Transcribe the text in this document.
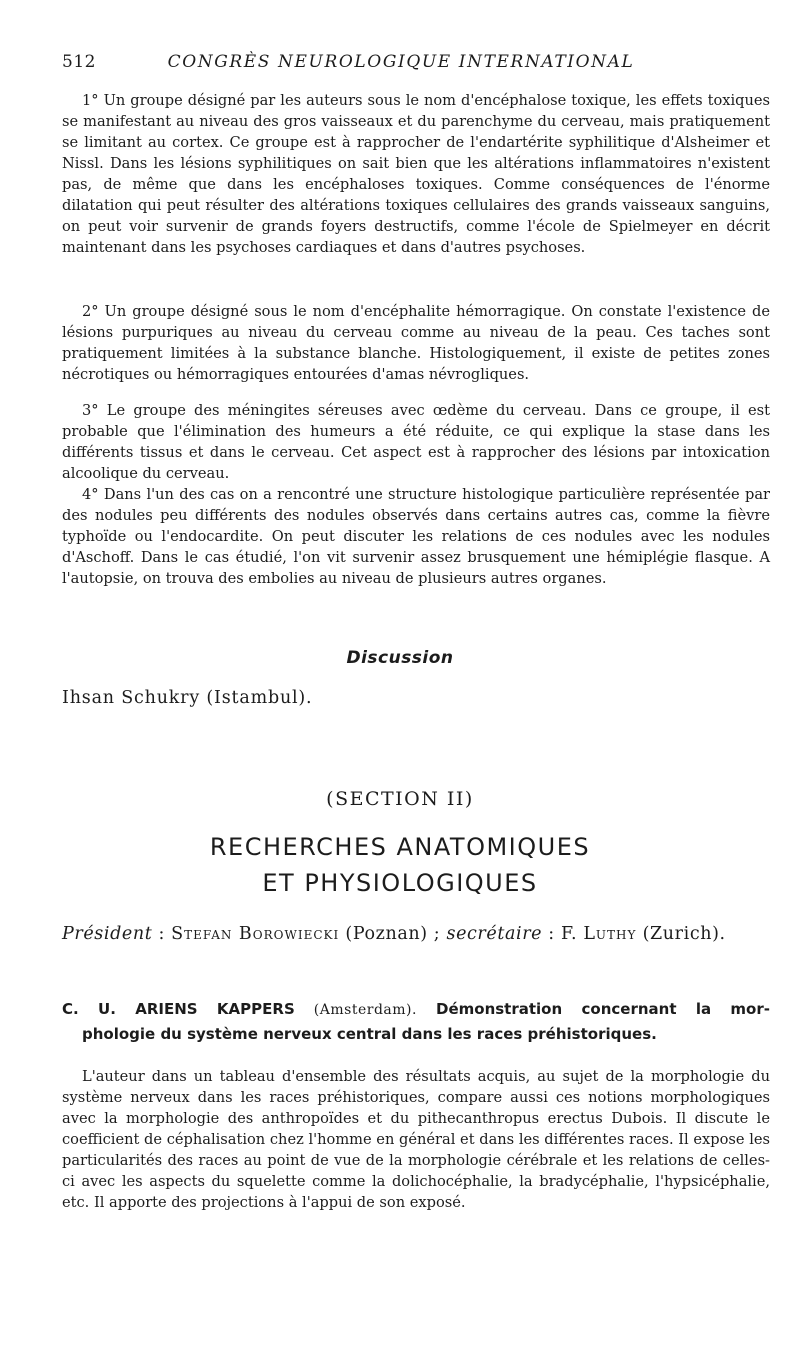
512	CONGRÈS NEUROLOGIQUE INTERNATIONAL

1° Un groupe désigné par les auteurs sous le nom d'encéphalose toxique, les effets toxiques se manifestant au niveau des gros vaisseaux et du parenchyme du cerveau, mais pratiquement se limitant au cortex. Ce groupe est à rapprocher de l'endartérite syphilitique d'Alsheimer et Nissl. Dans les lésions syphilitiques on sait bien que les altérations inflammatoires n'existent pas, de même que dans les encéphaloses toxiques. Comme conséquences de l'énorme dilatation qui peut résulter des altérations toxiques cellulaires des grands vaisseaux sanguins, on peut voir survenir de grands foyers destructifs, comme l'école de Spielmeyer en décrit maintenant dans les psychoses cardiaques et dans d'autres psychoses.

2° Un groupe désigné sous le nom d'encéphalite hémorragique. On constate l'existence de lésions purpuriques au niveau du cerveau comme au niveau de la peau. Ces taches sont pratiquement limitées à la substance blanche. Histologiquement, il existe de petites zones nécrotiques ou hémorragiques entourées d'amas névrogliques.

3° Le groupe des méningites séreuses avec œdème du cerveau. Dans ce groupe, il est probable que l'élimination des humeurs a été réduite, ce qui explique la stase dans les différents tissus et dans le cerveau. Cet aspect est à rapprocher des lésions par intoxication alcoolique du cerveau.

4° Dans l'un des cas on a rencontré une structure histologique particulière représentée par des nodules peu différents des nodules observés dans certains autres cas, comme la fièvre typhoïde ou l'endocardite. On peut discuter les relations de ces nodules avec les nodules d'Aschoff. Dans le cas étudié, l'on vit survenir assez brusquement une hémiplégie flasque. A l'autopsie, on trouva des embolies au niveau de plusieurs autres organes.

Discussion
Ihsan Schukry (Istambul).
(SECTION II)
RECHERCHES ANATOMIQUES
ET PHYSIOLOGIQUES
Président : Stefan Borowiecki (Poznan) ; secrétaire : F. Luthy (Zurich).
C. U. ARIENS KAPPERS (Amsterdam). Démonstration concernant la mor-
phologie du système nerveux central dans les races préhistoriques.

L'auteur dans un tableau d'ensemble des résultats acquis, au sujet de la morphologie du système nerveux dans les races préhistoriques, compare aussi ces notions morphologiques avec la morphologie des anthropoïdes et du pithecanthropus erectus Dubois. Il discute le coefficient de céphalisation chez l'homme en général et dans les différentes races. Il expose les particularités des races au point de vue de la morphologie cérébrale et les relations de celles-ci avec les aspects du squelette comme la dolichocéphalie, la bradycéphalie, l'hypsicéphalie, etc. Il apporte des projections à l'appui de son exposé.
